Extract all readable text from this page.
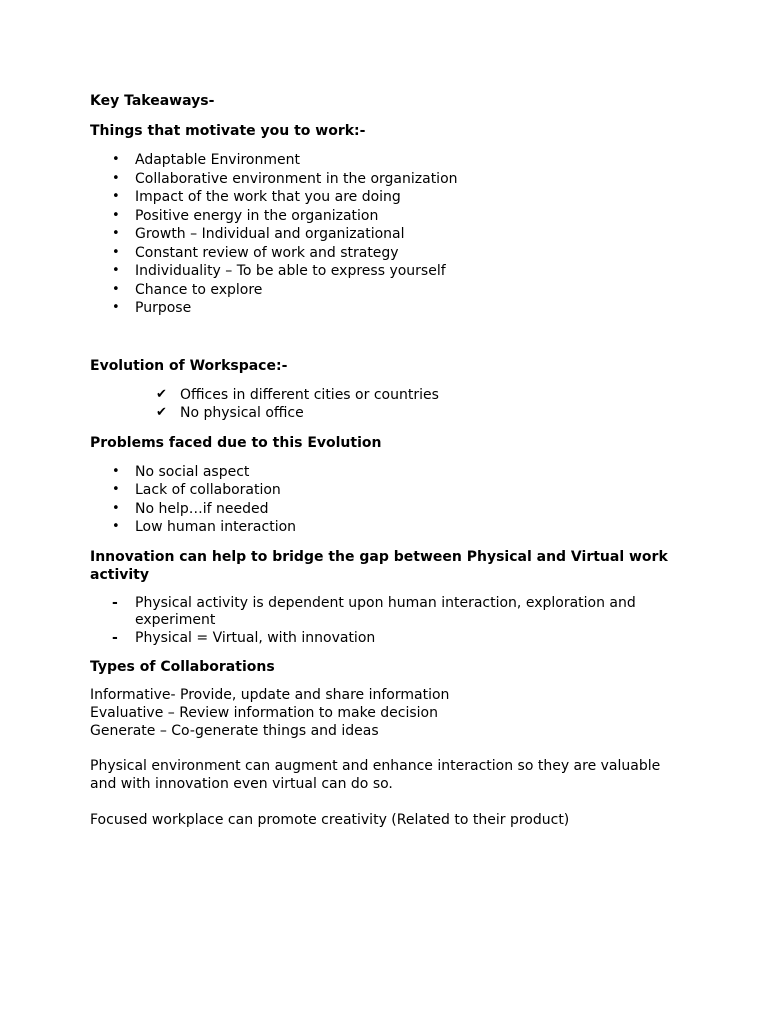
Key Takeaways-

Things that motivate you to work:-

• Adaptable Environment
• Collaborative environment in the organization
• Impact of the work that you are doing
• Positive energy in the organization
• Growth – Individual and organizational
• Constant review of work and strategy
• Individuality – To be able to express yourself
• Chance to explore
• Purpose

Evolution of Workspace:-

✔ Offices in different cities or countries
✔ No physical office

Problems faced due to this Evolution

• No social aspect
• Lack of collaboration
• No help…if needed
• Low human interaction

Innovation can help to bridge the gap between Physical and Virtual work activity

- Physical activity is dependent upon human interaction, exploration and experiment
- Physical = Virtual, with innovation

Types of Collaborations

Informative- Provide, update and share information

Evaluative – Review information to make decision

Generate – Co-generate things and ideas

Physical environment can augment and enhance interaction so they are valuable and with innovation even virtual can do so.

Focused workplace can promote creativity (Related to their product)
